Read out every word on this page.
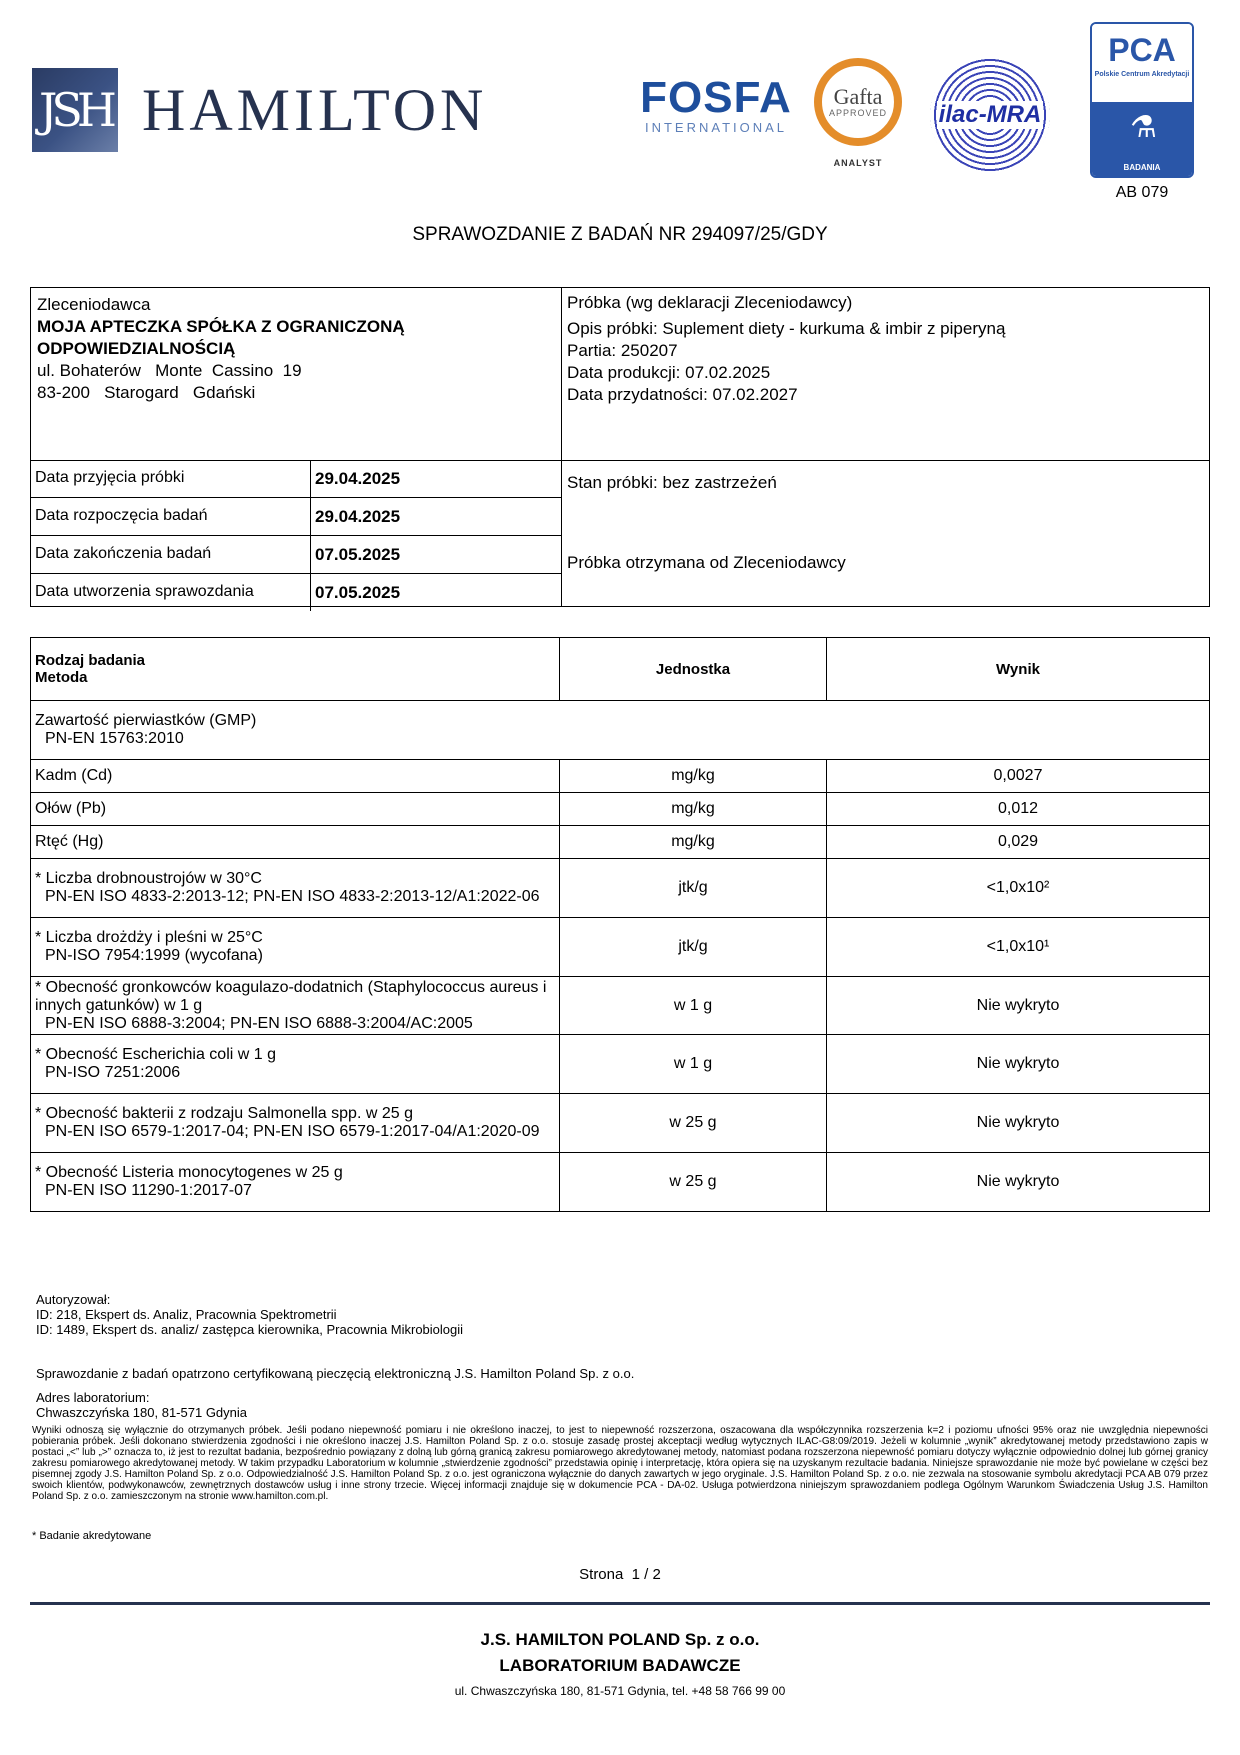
JSH HAMILTON	FOSFA
INTERNATIONAL
Gafta
APPROVED
ANALYST
ilac-MRA
PCA
Polskie Centrum Akredytacji
⚗
BADANIA
AB 079
SPRAWOZDANIE Z BADAŃ NR 294097/25/GDY
Zleceniodawca
MOJA APTECZKA SPÓŁKA Z OGRANICZONĄ
ODPOWIEDZIALNOŚCIĄ
ul. Bohaterów   Monte  Cassino  19
83-200   Starogard   Gdański
Próbka (wg deklaracji Zleceniodawcy)
Opis próbki: Suplement diety - kurkuma & imbir z piperyną
Partia: 250207
Data produkcji: 07.02.2025
Data przydatności: 07.02.2027
Data przyjęcia próbki	29.04.2025
Data rozpoczęcia badań	29.04.2025
Data zakończenia badań	07.05.2025
Data utworzenia sprawozdania	07.05.2025
Stan próbki: bez zastrzeżeń
Próbka otrzymana od Zleceniodawcy
Rodzaj badania
Metoda	Jednostka	Wynik

Zawartość pierwiastków (GMP)
PN-EN 15763:2010		

Kadm (Cd)	mg/kg	0,0027
Ołów (Pb)	mg/kg	0,012
Rtęć (Hg)	mg/kg	0,029

* Liczba drobnoustrojów w 30°C
PN-EN ISO 4833-2:2013-12; PN-EN ISO 4833-2:2013-12/A1:2022-06	jtk/g	<1,0x10²

* Liczba drożdży i pleśni w 25°C
PN-ISO 7954:1999 (wycofana)	jtk/g	<1,0x10¹

* Obecność gronkowców koagulazo-dodatnich (Staphylococcus aureus i innych gatunków) w 1 g
PN-EN ISO 6888-3:2004; PN-EN ISO 6888-3:2004/AC:2005	w 1 g	Nie wykryto

* Obecność Escherichia coli w 1 g
PN-ISO 7251:2006	w 1 g	Nie wykryto

* Obecność bakterii z rodzaju Salmonella spp. w 25 g
PN-EN ISO 6579-1:2017-04; PN-EN ISO 6579-1:2017-04/A1:2020-09	w 25 g	Nie wykryto

* Obecność Listeria monocytogenes w 25 g
PN-EN ISO 11290-1:2017-07	w 25 g	Nie wykryto
Autoryzował:
ID: 218, Ekspert ds. Analiz, Pracownia Spektrometrii
ID: 1489, Ekspert ds. analiz/ zastępca kierownika, Pracownia Mikrobiologii
Sprawozdanie z badań opatrzono certyfikowaną pieczęcią elektroniczną J.S. Hamilton Poland Sp. z o.o.
Adres laboratorium:
Chwaszczyńska 180, 81-571 Gdynia
Wyniki odnoszą się wyłącznie do otrzymanych próbek. Jeśli podano niepewność pomiaru i nie określono inaczej, to jest to niepewność rozszerzona, oszacowana dla współczynnika rozszerzenia k=2 i poziomu ufności 95% oraz nie uwzględnia niepewności pobierania próbek. Jeśli dokonano stwierdzenia zgodności i nie określono inaczej J.S. Hamilton Poland Sp. z o.o. stosuje zasadę prostej akceptacji według wytycznych ILAC-G8:09/2019. Jeżeli w kolumnie „wynik” akredytowanej metody przedstawiono zapis w postaci „<” lub „>” oznacza to, iż jest to rezultat badania, bezpośrednio powiązany z dolną lub górną granicą zakresu pomiarowego akredytowanej metody, natomiast podana rozszerzona niepewność pomiaru dotyczy wyłącznie odpowiednio dolnej lub górnej granicy zakresu pomiarowego akredytowanej metody. W takim przypadku Laboratorium w kolumnie „stwierdzenie zgodności” przedstawia opinię i interpretację, która opiera się na uzyskanym rezultacie badania. Niniejsze sprawozdanie nie może być powielane w części bez pisemnej zgody J.S. Hamilton Poland Sp. z o.o. Odpowiedzialność J.S. Hamilton Poland Sp. z o.o. jest ograniczona wyłącznie do danych zawartych w jego oryginale. J.S. Hamilton Poland Sp. z o.o. nie zezwala na stosowanie symbolu akredytacji PCA AB 079 przez swoich klientów, podwykonawców, zewnętrznych dostawców usług i inne strony trzecie. Więcej informacji znajduje się w dokumencie PCA - DA-02. Usługa potwierdzona niniejszym sprawozdaniem podlega Ogólnym Warunkom Świadczenia Usług J.S. Hamilton Poland Sp. z o.o. zamieszczonym na stronie www.hamilton.com.pl.
* Badanie akredytowane
Strona  1 / 2
J.S. HAMILTON POLAND Sp. z o.o.
LABORATORIUM BADAWCZE
ul. Chwaszczyńska 180, 81-571 Gdynia, tel. +48 58 766 99 00
